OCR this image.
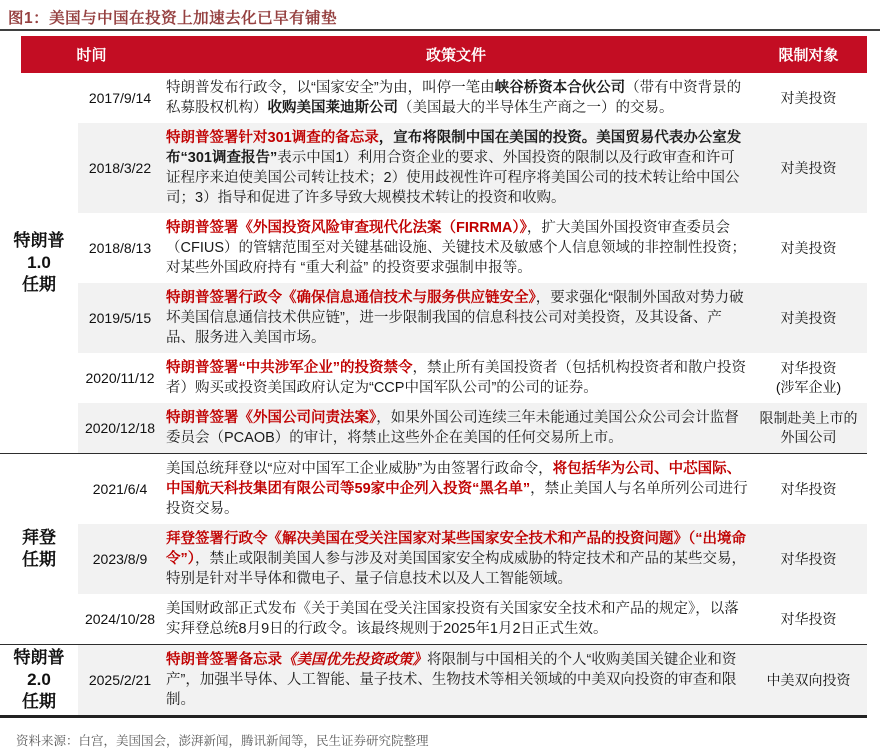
图1：美国与中国在投资上加速去化已早有铺垫
时间	政策文件	限制对象
特朗普
1.0
任期
2017/9/14
特朗普发布行政令，以“国家安全”为由，叫停一笔由峡谷桥资本合伙公司（带有中资背景的私募股权机构）收购美国莱迪斯公司（美国最大的半导体生产商之一）的交易。
对美投资
2018/3/22
特朗普签署针对301调查的备忘录，宣布将限制中国在美国的投资。美国贸易代表办公室发布“301调查报告”表示中国1）利用合资企业的要求、外国投资的限制以及行政审查和许可证程序来迫使美国公司转让技术；2）使用歧视性许可程序将美国公司的技术转让给中国公司；3）指导和促进了许多导致大规模技术转让的投资和收购。
对美投资
2018/8/13
特朗普签署《外国投资风险审查现代化法案（FIRRMA）》，扩大美国外国投资审查委员会（CFIUS）的管辖范围至对关键基础设施、关键技术及敏感个人信息领域的非控制性投资；对某些外国政府持有 “重大利益” 的投资要求强制申报等。
对美投资
2019/5/15
特朗普签署行政令《确保信息通信技术与服务供应链安全》，要求强化“限制外国敌对势力破坏美国信息通信技术供应链”，进一步限制我国的信息科技公司对美投资，及其设备、产品、服务进入美国市场。
对美投资
2020/11/12
特朗普签署“中共涉军企业”的投资禁令，禁止所有美国投资者（包括机构投资者和散户投资者）购买或投资美国政府认定为“CCP中国军队公司”的公司的证券。
对华投资
(涉军企业)
2020/12/18
特朗普签署《外国公司问责法案》，如果外国公司连续三年未能通过美国公众公司会计监督委员会（PCAOB）的审计，将禁止这些外企在美国的任何交易所上市。
限制赴美上市的
外国公司
拜登
任期
2021/6/4
美国总统拜登以“应对中国军工企业威胁”为由签署行政命令，将包括华为公司、中芯国际、中国航天科技集团有限公司等59家中企列入投资“黑名单”，禁止美国人与名单所列公司进行投资交易。
对华投资
2023/8/9
拜登签署行政令《解决美国在受关注国家对某些国家安全技术和产品的投资问题》（“出境命令”），禁止或限制美国人参与涉及对美国国家安全构成威胁的特定技术和产品的某些交易，特别是针对半导体和微电子、量子信息技术以及人工智能领域。
对华投资
2024/10/28
美国财政部正式发布《关于美国在受关注国家投资有关国家安全技术和产品的规定》，以落实拜登总统8月9日的行政令。该最终规则于2025年1月2日正式生效。
对华投资
特朗普
2.0
任期
2025/2/21
特朗普签署备忘录《美国优先投资政策》将限制与中国相关的个人“收购美国关键企业和资产”，加强半导体、人工智能、量子技术、生物技术等相关领域的中美双向投资的审查和限制。
中美双向投资
资料来源：白宫，美国国会，澎湃新闻，腾讯新闻等，民生证券研究院整理
